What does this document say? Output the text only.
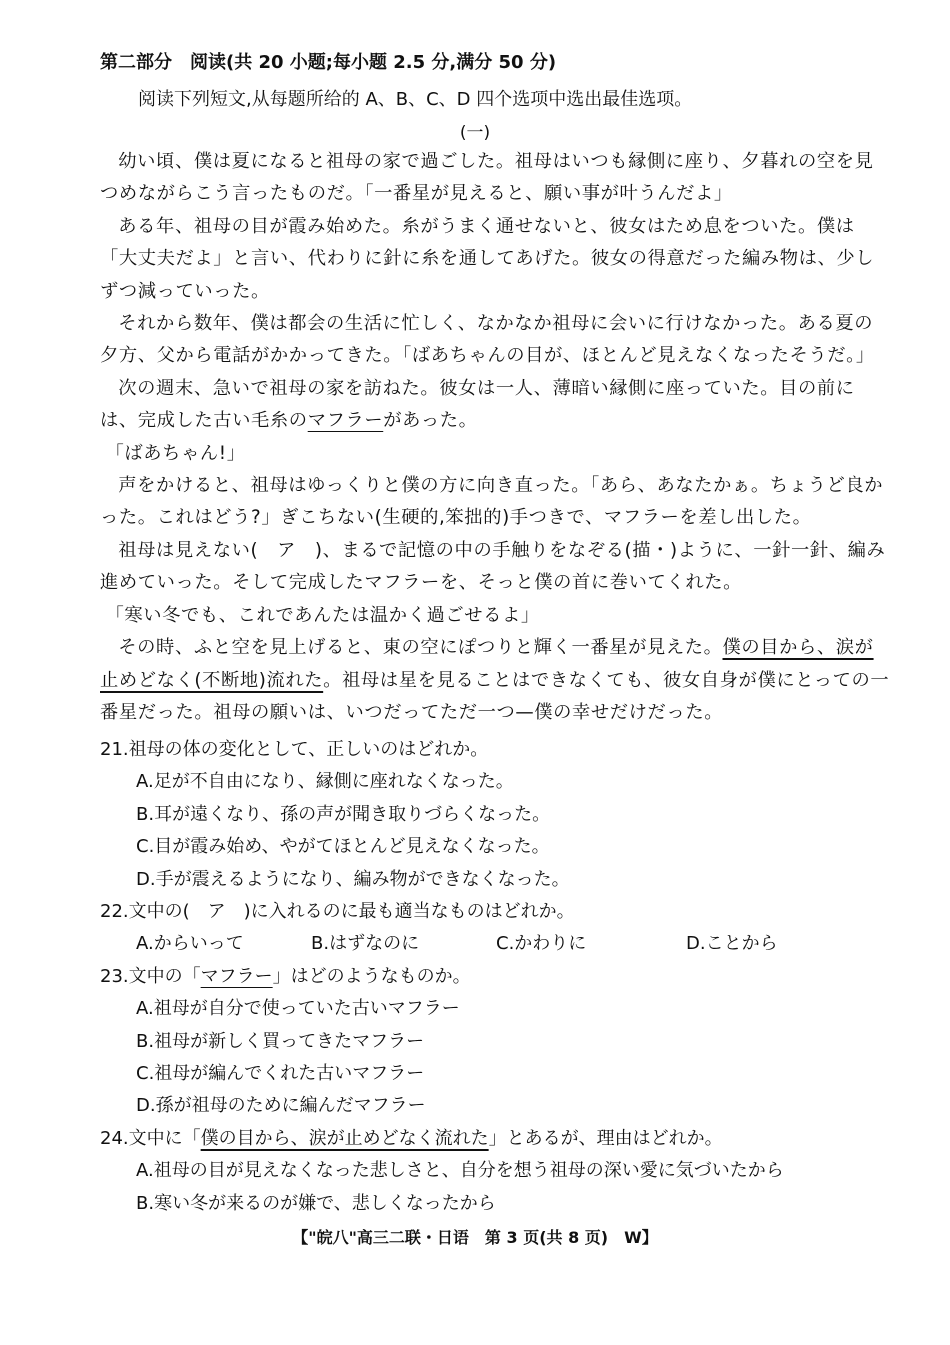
第二部分 阅读(共 20 小题;每小题 2.5 分,满分 50 分)
阅读下列短文,从每题所给的 A、B、C、D 四个选项中选出最佳选项。
(一)

幼い頃、僕は夏になると祖母の家で過ごした。祖母はいつも縁側に座り、夕暮れの空を見つめながらこう言ったものだ。「一番星が見えると、願い事が叶うんだよ」

ある年、祖母の目が霞み始めた。糸がうまく通せないと、彼女はため息をついた。僕は「大丈夫だよ」と言い、代わりに針に糸を通してあげた。彼女の得意だった編み物は、少しずつ減っていった。

それから数年、僕は都会の生活に忙しく、なかなか祖母に会いに行けなかった。ある夏の夕方、父から電話がかかってきた。「ばあちゃんの目が、ほとんど見えなくなったそうだ。」

次の週末、急いで祖母の家を訪ねた。彼女は一人、薄暗い縁側に座っていた。目の前には、完成した古い毛糸のマフラーがあった。

「ばあちゃん!」

声をかけると、祖母はゆっくりと僕の方に向き直った。「あら、あなたかぁ。ちょうど良かった。これはどう?」ぎこちない(生硬的,笨拙的)手つきで、マフラーを差し出した。

祖母は見えない(　ア　)、まるで記憶の中の手触りをなぞる(描・)ように、一針一針、編み進めていった。そして完成したマフラーを、そっと僕の首に巻いてくれた。

「寒い冬でも、これであんたは温かく過ごせるよ」

その時、ふと空を見上げると、東の空にぽつりと輝く一番星が見えた。僕の目から、涙が止めどなく(不断地)流れた。祖母は星を見ることはできなくても、彼女自身が僕にとっての一番星だった。祖母の願いは、いつだってただ一つ—僕の幸せだけだった。

21.祖母の体の変化として、正しいのはどれか。
A.足が不自由になり、縁側に座れなくなった。
B.耳が遠くなり、孫の声が聞き取りづらくなった。
C.目が霞み始め、やがてほとんど見えなくなった。
D.手が震えるようになり、編み物ができなくなった。
22.文中の(　ア　)に入れるのに最も適当なものはどれか。
A.からいって	B.はずなのに	C.かわりに	D.ことから
23.文中の「マフラー」はどのようなものか。
A.祖母が自分で使っていた古いマフラー
B.祖母が新しく買ってきたマフラー
C.祖母が編んでくれた古いマフラー
D.孫が祖母のために編んだマフラー
24.文中に「僕の目から、涙が止めどなく流れた」とあるが、理由はどれか。
A.祖母の目が見えなくなった悲しさと、自分を想う祖母の深い愛に気づいたから
B.寒い冬が来るのが嫌で、悲しくなったから
【"皖八"高三二联・日语　第 3 页(共 8 页)　W】
